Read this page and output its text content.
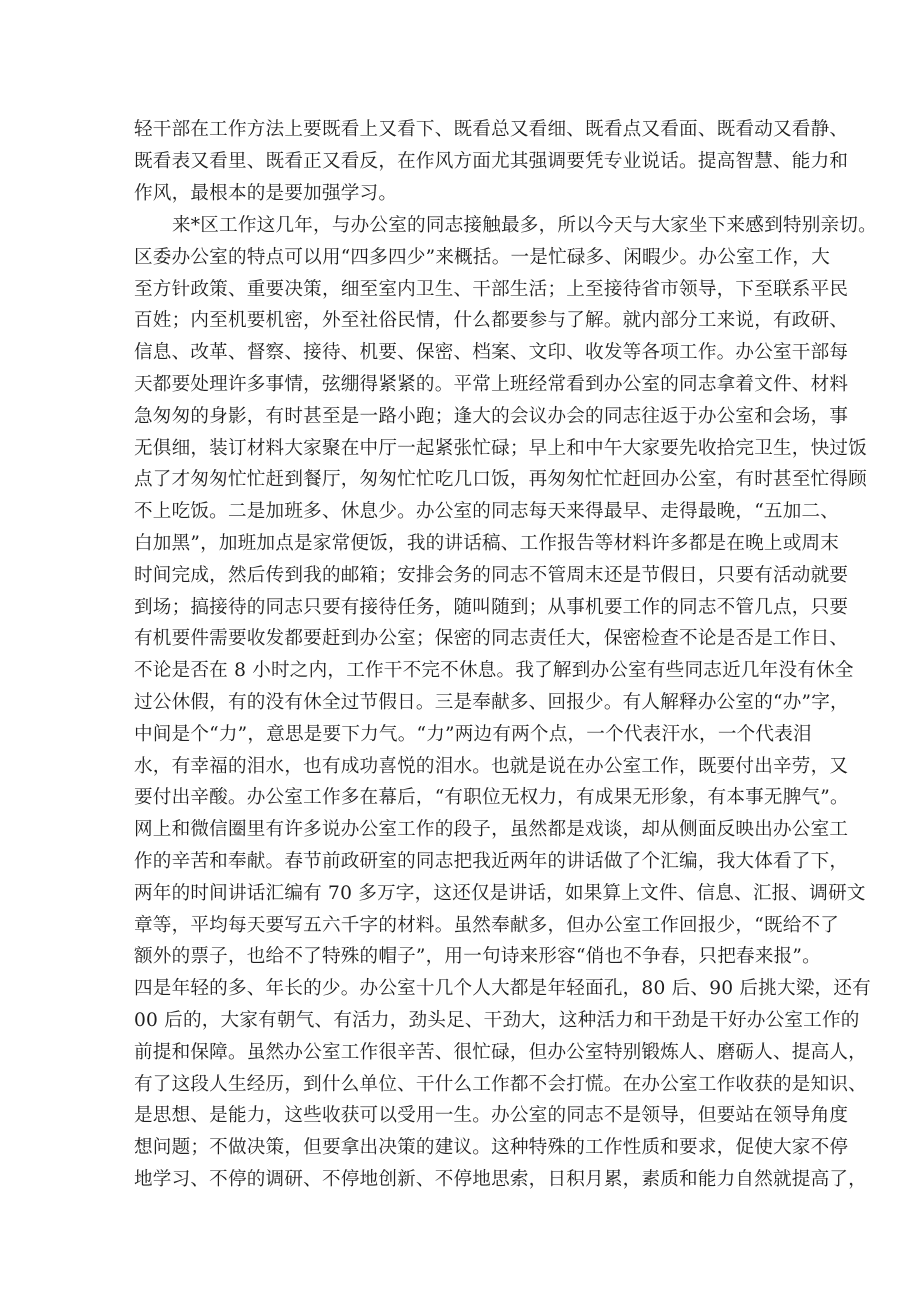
轻干部在工作方法上要既看上又看下、既看总又看细、既看点又看面、既看动又看静、
既看表又看里、既看正又看反，在作风方面尤其强调要凭专业说话。提高智慧、能力和
作风，最根本的是要加强学习。
来*区工作这几年，与办公室的同志接触最多，所以今天与大家坐下来感到特别亲切。
区委办公室的特点可以用“四多四少”来概括。一是忙碌多、闲暇少。办公室工作，大
至方针政策、重要决策，细至室内卫生、干部生活；上至接待省市领导，下至联系平民
百姓；内至机要机密，外至社俗民情，什么都要参与了解。就内部分工来说，有政研、
信息、改革、督察、接待、机要、保密、档案、文印、收发等各项工作。办公室干部每
天都要处理许多事情，弦绷得紧紧的。平常上班经常看到办公室的同志拿着文件、材料
急匆匆的身影，有时甚至是一路小跑；逢大的会议办会的同志往返于办公室和会场，事
无俱细，装订材料大家聚在中厅一起紧张忙碌；早上和中午大家要先收拾完卫生，快过饭
点了才匆匆忙忙赶到餐厅，匆匆忙忙吃几口饭，再匆匆忙忙赶回办公室，有时甚至忙得顾
不上吃饭。二是加班多、休息少。办公室的同志每天来得最早、走得最晚，“五加二、
白加黑”，加班加点是家常便饭，我的讲话稿、工作报告等材料许多都是在晚上或周末
时间完成，然后传到我的邮箱；安排会务的同志不管周末还是节假日，只要有活动就要
到场；搞接待的同志只要有接待任务，随叫随到；从事机要工作的同志不管几点，只要
有机要件需要收发都要赶到办公室；保密的同志责任大，保密检查不论是否是工作日、
不论是否在 8 小时之内，工作干不完不休息。我了解到办公室有些同志近几年没有休全
过公休假，有的没有休全过节假日。三是奉献多、回报少。有人解释办公室的“办”字，
中间是个“力”，意思是要下力气。“力”两边有两个点，一个代表汗水，一个代表泪
水，有幸福的泪水，也有成功喜悦的泪水。也就是说在办公室工作，既要付出辛劳，又
要付出辛酸。办公室工作多在幕后，“有职位无权力，有成果无形象，有本事无脾气”。
网上和微信圈里有许多说办公室工作的段子，虽然都是戏谈，却从侧面反映出办公室工
作的辛苦和奉献。春节前政研室的同志把我近两年的讲话做了个汇编，我大体看了下，
两年的时间讲话汇编有 70 多万字，这还仅是讲话，如果算上文件、信息、汇报、调研文
章等，平均每天要写五六千字的材料。虽然奉献多，但办公室工作回报少，“既给不了
额外的票子，也给不了特殊的帽子”，用一句诗来形容“俏也不争春，只把春来报”。
四是年轻的多、年长的少。办公室十几个人大都是年轻面孔，80 后、90 后挑大梁，还有
00 后的，大家有朝气、有活力，劲头足、干劲大，这种活力和干劲是干好办公室工作的
前提和保障。虽然办公室工作很辛苦、很忙碌，但办公室特别锻炼人、磨砺人、提高人，
有了这段人生经历，到什么单位、干什么工作都不会打慌。在办公室工作收获的是知识、
是思想、是能力，这些收获可以受用一生。办公室的同志不是领导，但要站在领导角度
想问题；不做决策，但要拿出决策的建议。这种特殊的工作性质和要求，促使大家不停
地学习、不停的调研、不停地创新、不停地思索，日积月累，素质和能力自然就提高了，
